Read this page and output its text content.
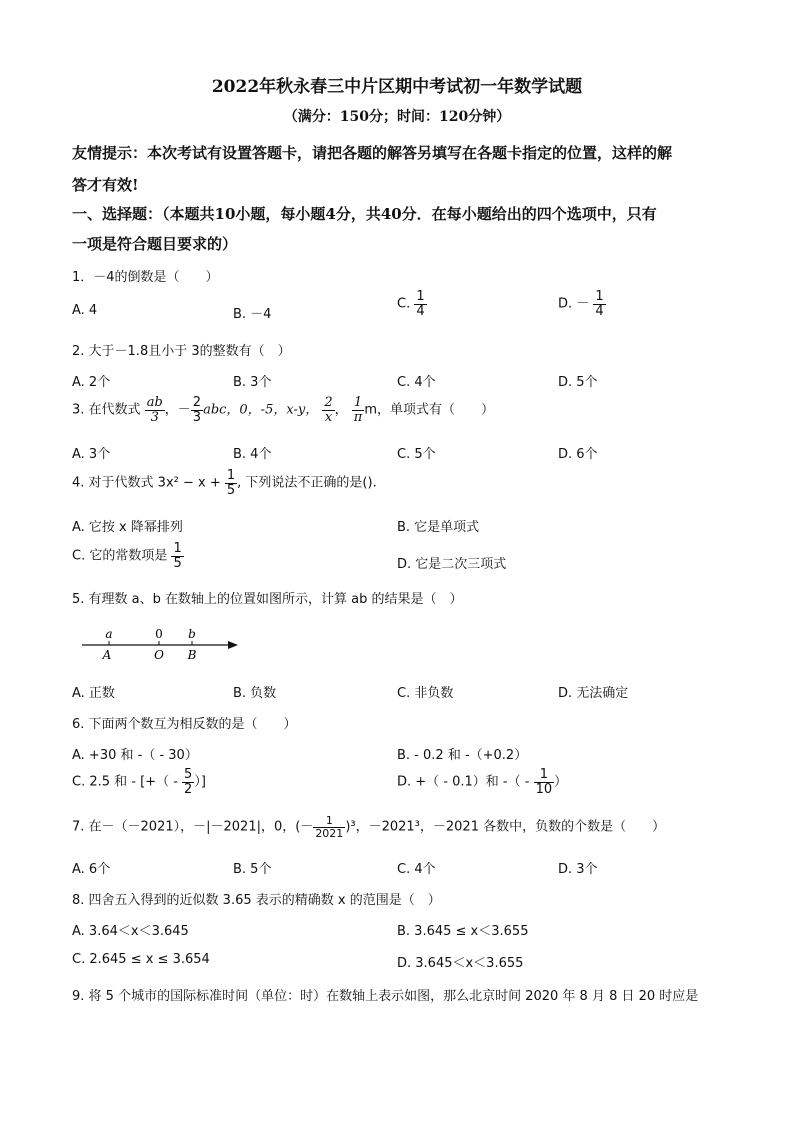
2022年秋永春三中片区期中考试初一年数学试题
（满分：150分；时间：120分钟）
友情提示：本次考试有设置答题卡，请把各题的解答另填写在各题卡指定的位置，这样的解
答才有效!
一、选择题：（本题共10小题，每小题4分，共40分．在每小题给出的四个选项中，只有
一项是符合题目要求的）
1．－4的倒数是（　　）
A. 4	B. －4
C. $\frac{1}{4}$	D. － $\frac{1}{4}$
2. 大于－1.8且小于 3的整数有（　）
A. 2个	B. 3个	C. 4个	D. 5个
3. 在代数式 $\frac{ab}{3}$ ，－ $\frac{2}{3}$ abc，0，-5，x-y， $\frac{2}{x}$ ， $\frac{1}{\pi}$ m，单项式有（　　）
A. 3个	B. 4个	C. 5个	D. 6个
4. 对于代数式 $3x^2 - x + \frac{1}{5}$ , 下列说法不正确的是().
A. 它按 x 降幂排列	B. 它是单项式
C. 它的常数项是 $\frac{1}{5}$	D. 它是二次三项式
5. 有理数 a、b 在数轴上的位置如图所示，计算 ab 的结果是（　）
a	0 b
A	O B
A. 正数	B. 负数	C. 非负数	D. 无法确定
6. 下面两个数互为相反数的是（　　）
A. +30 和 -（ - 30）	B. - 0.2 和 -（+0.2）
C. 2.5 和 - [+（ - $\frac{5}{2}$ ）]	D. +（ - 0.1）和 -（ - $\frac{1}{10}$ ）
7. 在－（－2021），－|－2021|，0，(－ $\frac{1}{2021} )^3$，－2021³，－2021 各数中，负数的个数是（　　）
A. 6个	B. 5个	C. 4个	D. 3个
8. 四舍五入得到的近似数 3.65 表示的精确数 x 的范围是（　）
A. 3.64＜x＜3.645	B. 3.645 ≤ x＜3.655
C. 2.645 ≤ x ≤ 3.654	D. 3.645＜x＜3.655
9. 将 5 个城市的国际标准时间（单位：时）在数轴上表示如图，那么北京时间 2020 年 8 月 8 日 20 时应是
